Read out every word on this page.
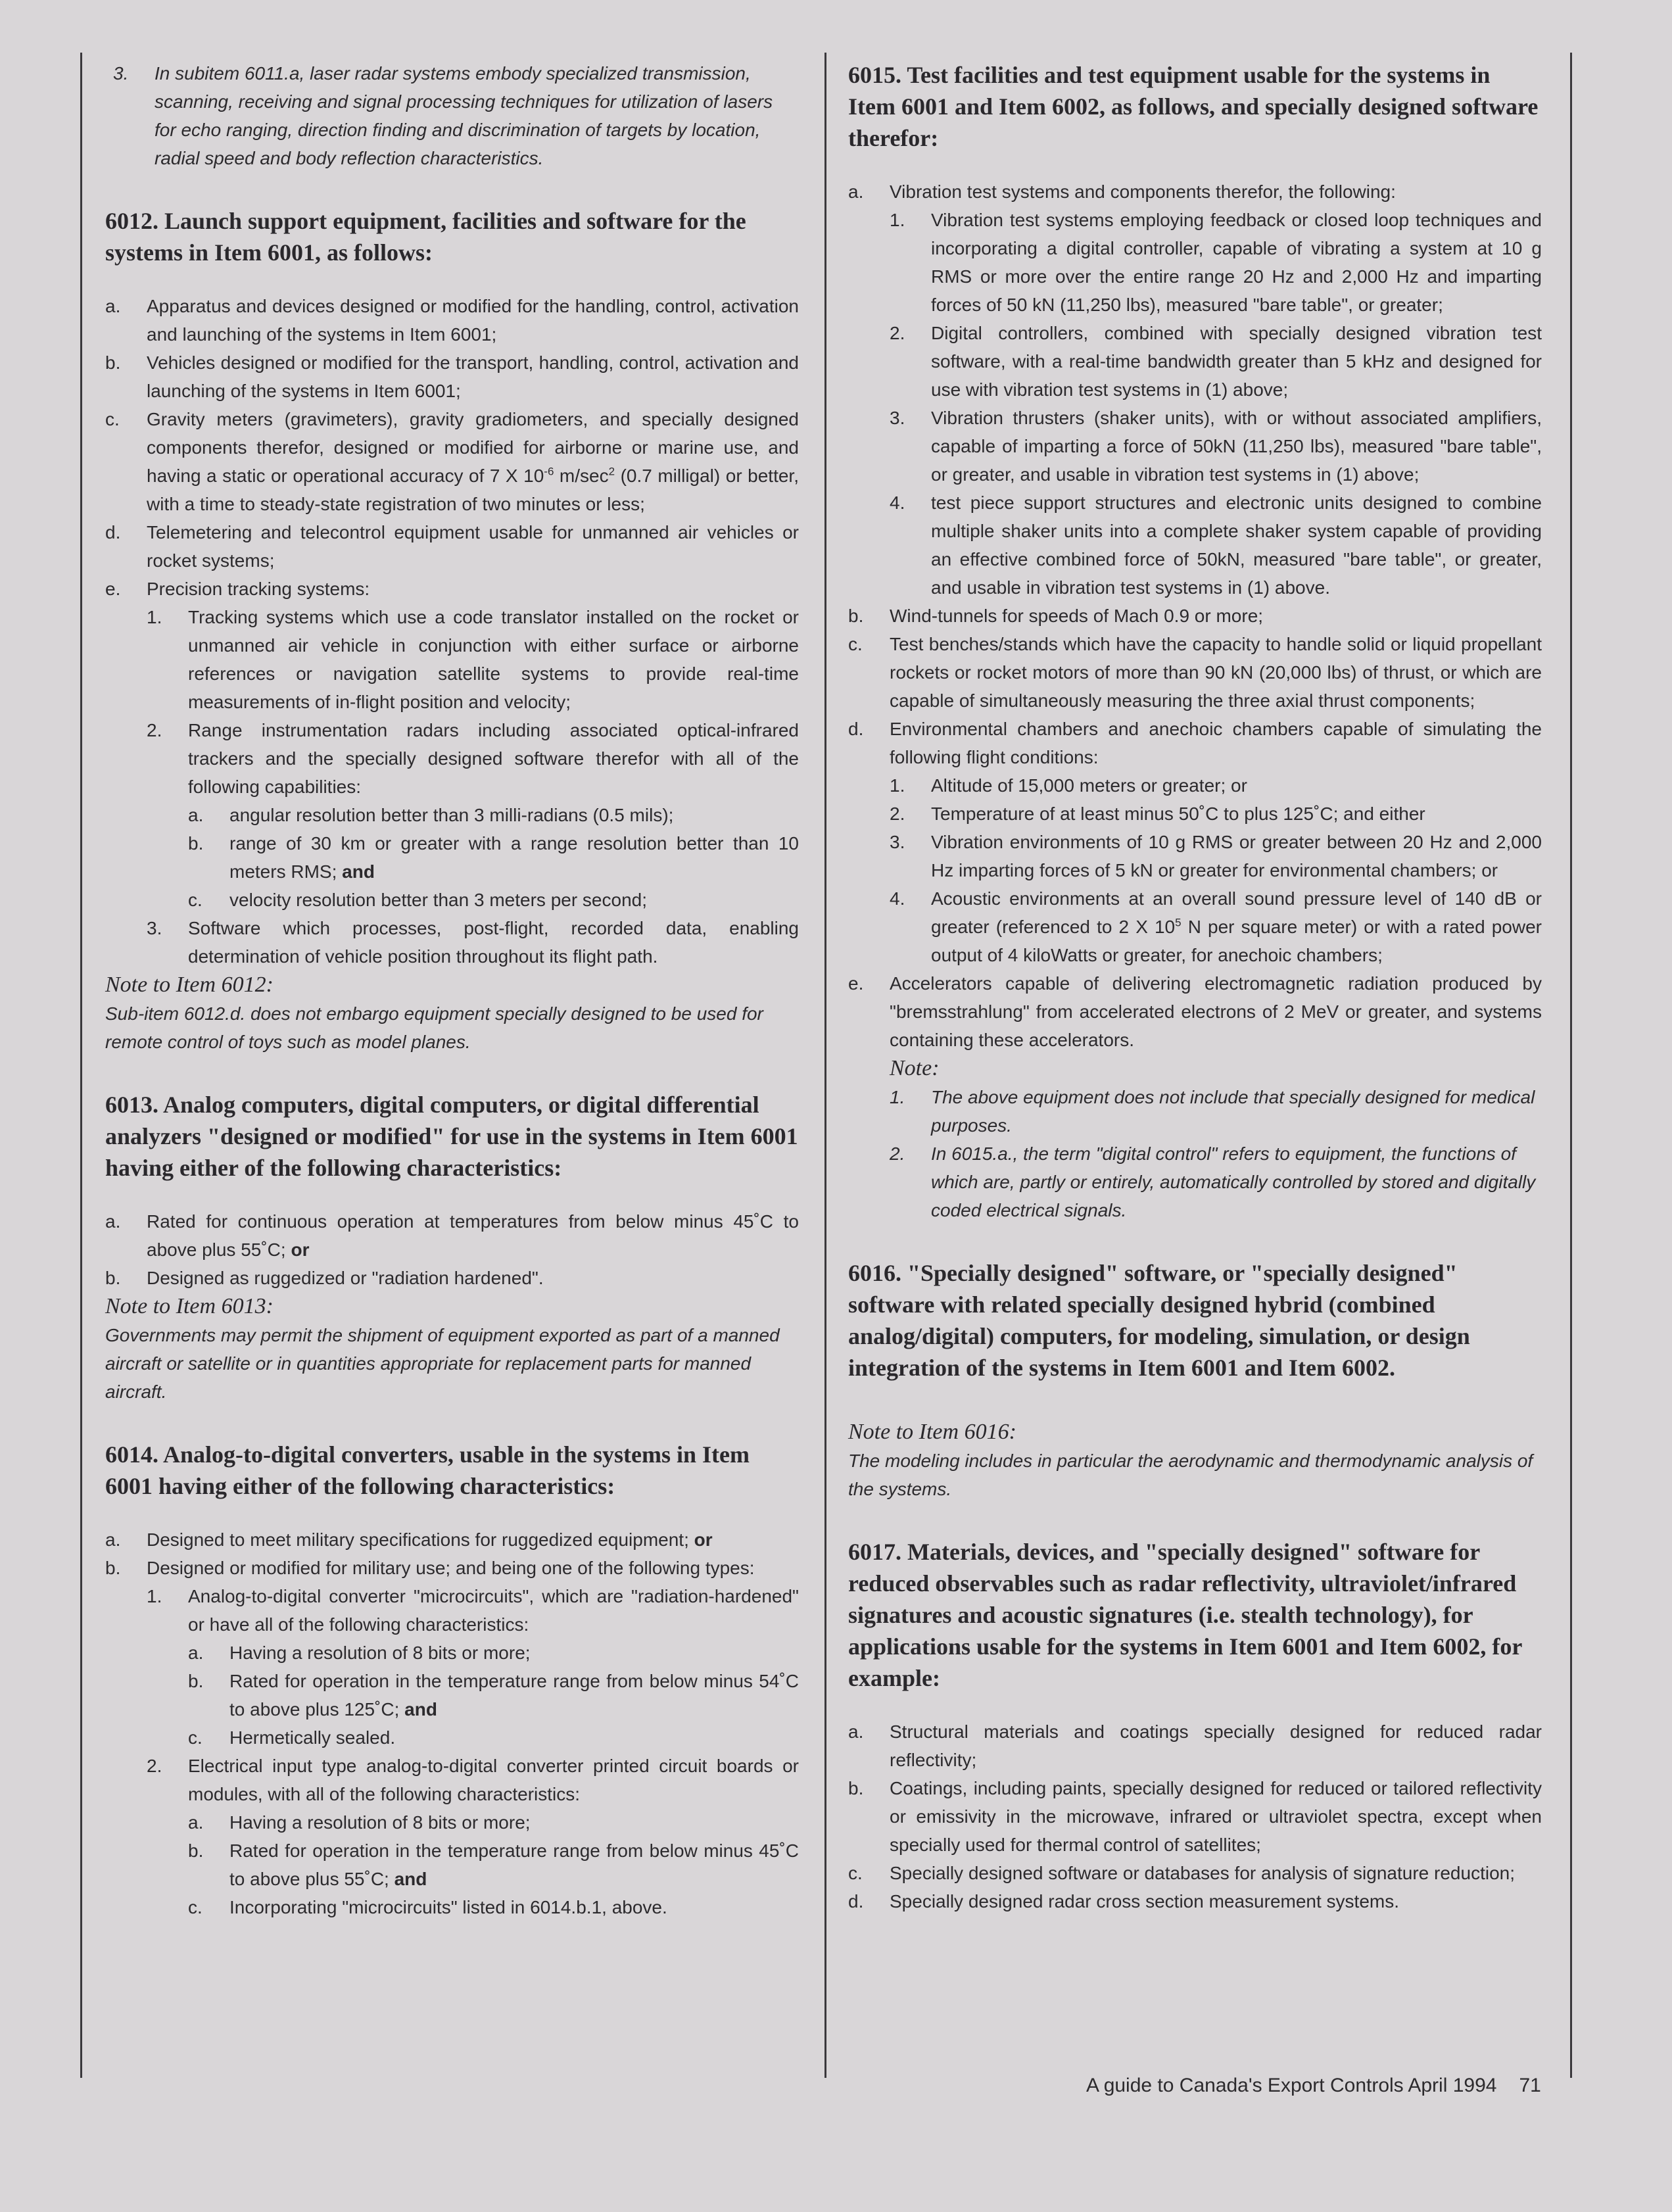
3.	In subitem 6011.a, laser radar systems embody specialized transmission, scanning, receiving and signal processing techniques for utilization of lasers for echo ranging, direction finding and discrimination of targets by location, radial speed and body reflection characteristics.
6012. Launch support equipment, facilities and software for the systems in Item 6001, as follows:
a.	Apparatus and devices designed or modified for the handling, control, activation and launching of the systems in Item 6001;
b.	Vehicles designed or modified for the transport, handling, control, activation and launching of the systems in Item 6001;
c.	Gravity meters (gravimeters), gravity gradiometers, and specially designed components therefor, designed or modified for airborne or marine use, and having a static or operational accuracy of 7 X $10^{-6}$ $m/\sec^2$ (0.7 milligal) or better, with a time to steady-state registration of two minutes or less;
d.	Telemetering and telecontrol equipment usable for unmanned air vehicles or rocket systems;
e.	Precision tracking systems:
1.	Tracking systems which use a code translator installed on the rocket or unmanned air vehicle in conjunction with either surface or airborne references or navigation satellite systems to provide real-time measurements of in-flight position and velocity;
2.	Range instrumentation radars including associated optical-infrared trackers and the specially designed software therefor with all of the following capabilities:
a.	angular resolution better than 3 milli-radians (0.5 mils);
b.	range of 30 km or greater with a range resolution better than 10 meters RMS; and
c.	velocity resolution better than 3 meters per second;
3.	Software which processes, post-flight, recorded data, enabling determination of vehicle position throughout its flight path.

Note to Item 6012:

Sub-item 6012.d. does not embargo equipment specially designed to be used for remote control of toys such as model planes.

6013. Analog computers, digital computers, or digital differential analyzers "designed or modified" for use in the systems in Item 6001 having either of the following characteristics:
a.	Rated for continuous operation at temperatures from below minus 45˚C to above plus 55˚C; or
b.	Designed as ruggedized or "radiation hardened".

Note to Item 6013:

Governments may permit the shipment of equipment exported as part of a manned aircraft or satellite or in quantities appropriate for replacement parts for manned aircraft.

6014. Analog-to-digital converters, usable in the systems in Item 6001 having either of the following characteristics:
a.	Designed to meet military specifications for ruggedized equipment; or
b.	Designed or modified for military use; and being one of the following types:
1.	Analog-to-digital converter "microcircuits", which are "radiation-hardened" or have all of the following characteristics:
a.	Having a resolution of 8 bits or more;
b.	Rated for operation in the temperature range from below minus 54˚C to above plus 125˚C; and
c.	Hermetically sealed.
2.	Electrical input type analog-to-digital converter printed circuit boards or modules, with all of the following characteristics:
a.	Having a resolution of 8 bits or more;
b.	Rated for operation in the temperature range from below minus 45˚C to above plus 55˚C; and
c.	Incorporating "microcircuits" listed in 6014.b.1, above.
6015. Test facilities and test equipment usable for the systems in Item 6001 and Item 6002, as follows, and specially designed software therefor:
a.	Vibration test systems and components therefor, the following:
1.	Vibration test systems employing feedback or closed loop techniques and incorporating a digital controller, capable of vibrating a system at 10 g RMS or more over the entire range 20 Hz and 2,000 Hz and imparting forces of 50 kN (11,250 lbs), measured "bare table", or greater;
2.	Digital controllers, combined with specially designed vibration test software, with a real-time bandwidth greater than 5 kHz and designed for use with vibration test systems in (1) above;
3.	Vibration thrusters (shaker units), with or without associated amplifiers, capable of imparting a force of 50kN (11,250 lbs), measured "bare table", or greater, and usable in vibration test systems in (1) above;
4.	test piece support structures and electronic units designed to combine multiple shaker units into a complete shaker system capable of providing an effective combined force of 50kN, measured "bare table", or greater, and usable in vibration test systems in (1) above.
b.	Wind-tunnels for speeds of Mach 0.9 or more;
c.	Test benches/stands which have the capacity to handle solid or liquid propellant rockets or rocket motors of more than 90 kN (20,000 lbs) of thrust, or which are capable of simultaneously measuring the three axial thrust components;
d.	Environmental chambers and anechoic chambers capable of simulating the following flight conditions:
1.	Altitude of 15,000 meters or greater; or
2.	Temperature of at least minus 50˚C to plus 125˚C; and either
3.	Vibration environments of 10 g RMS or greater between 20 Hz and 2,000 Hz imparting forces of 5 kN or greater for environmental chambers; or
4.	Acoustic environments at an overall sound pressure level of 140 dB or greater (referenced to 2 X $10^5$ N per square meter) or with a rated power output of 4 kiloWatts or greater, for anechoic chambers;
e.	Accelerators capable of delivering electromagnetic radiation produced by "bremsstrahlung" from accelerated electrons of 2 MeV or greater, and systems containing these accelerators.

Note:

1.	The above equipment does not include that specially designed for medical purposes.
2.	In 6015.a., the term "digital control" refers to equipment, the functions of which are, partly or entirely, automatically controlled by stored and digitally coded electrical signals.
6016. "Specially designed" software, or "specially designed" software with related specially designed hybrid (combined analog/digital) computers, for modeling, simulation, or design integration of the systems in Item 6001 and Item 6002.

Note to Item 6016:

The modeling includes in particular the aerodynamic and thermodynamic analysis of the systems.

6017. Materials, devices, and "specially designed" software for reduced observables such as radar reflectivity, ultraviolet/infrared signatures and acoustic signatures (i.e. stealth technology), for applications usable for the systems in Item 6001 and Item 6002, for example:
a.	Structural materials and coatings specially designed for reduced radar reflectivity;
b.	Coatings, including paints, specially designed for reduced or tailored reflectivity or emissivity in the microwave, infrared or ultraviolet spectra, except when specially used for thermal control of satellites;
c.	Specially designed software or databases for analysis of signature reduction;
d.	Specially designed radar cross section measurement systems.
A guide to Canada's Export Controls April 1994 71
